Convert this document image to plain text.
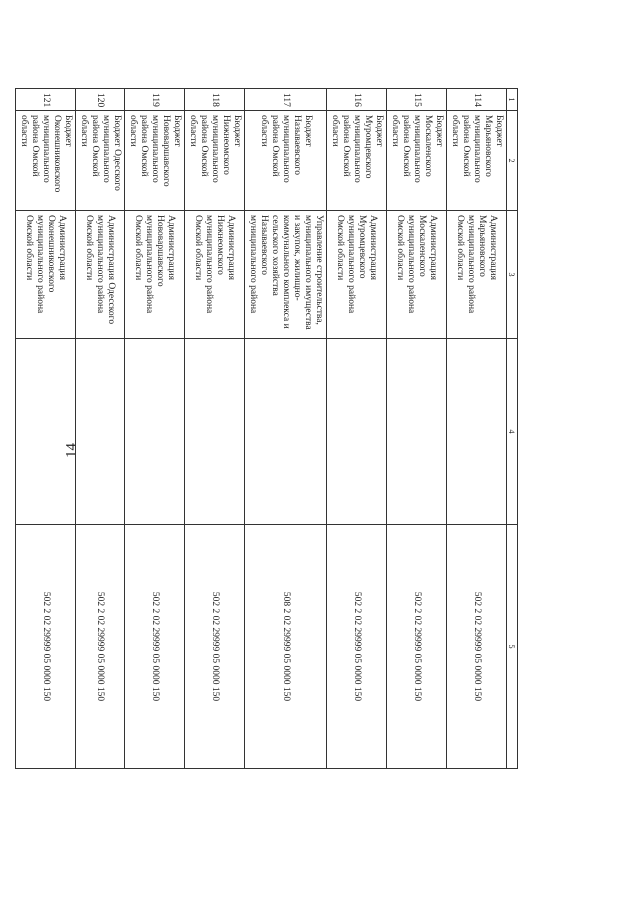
14
1	2	3	4	5
114	Бюджет Марьяновского муниципального района Омской области	Администрация Марьяновского муниципального района Омской области		502 2 02 29999 05 0000 150
115	Бюджет Москаленского муниципального района Омской области	Администрация Москаленского муниципального района Омской области		502 2 02 29999 05 0000 150
116	Бюджет Муромцевского муниципального района Омской области	Администрация Муромцевского муниципального района Омской области		502 2 02 29999 05 0000 150
117	Бюджет Называевского муниципального района Омской области	Управление строительства, муниципального имущества и закупок, жилищно-коммунального комплекса и сельского хозяйства Называевского муниципального района		508 2 02 29999 05 0000 150
118	Бюджет Нижнеомского муниципального района Омской области	Администрация Нижнеомского муниципального района Омской области		502 2 02 29999 05 0000 150
119	Бюджет Нововаршавского муниципального района Омской области	Администрация Нововаршавского муниципального района Омской области		502 2 02 29999 05 0000 150
120	Бюджет Одесского муниципального района Омской области	Администрация Одесского муниципального района Омской области		502 2 02 29999 05 0000 150
121	Бюджет Оконешниковского муниципального района Омской области	Администрация Оконешниковского муниципального района Омской области		502 2 02 29999 05 0000 150
